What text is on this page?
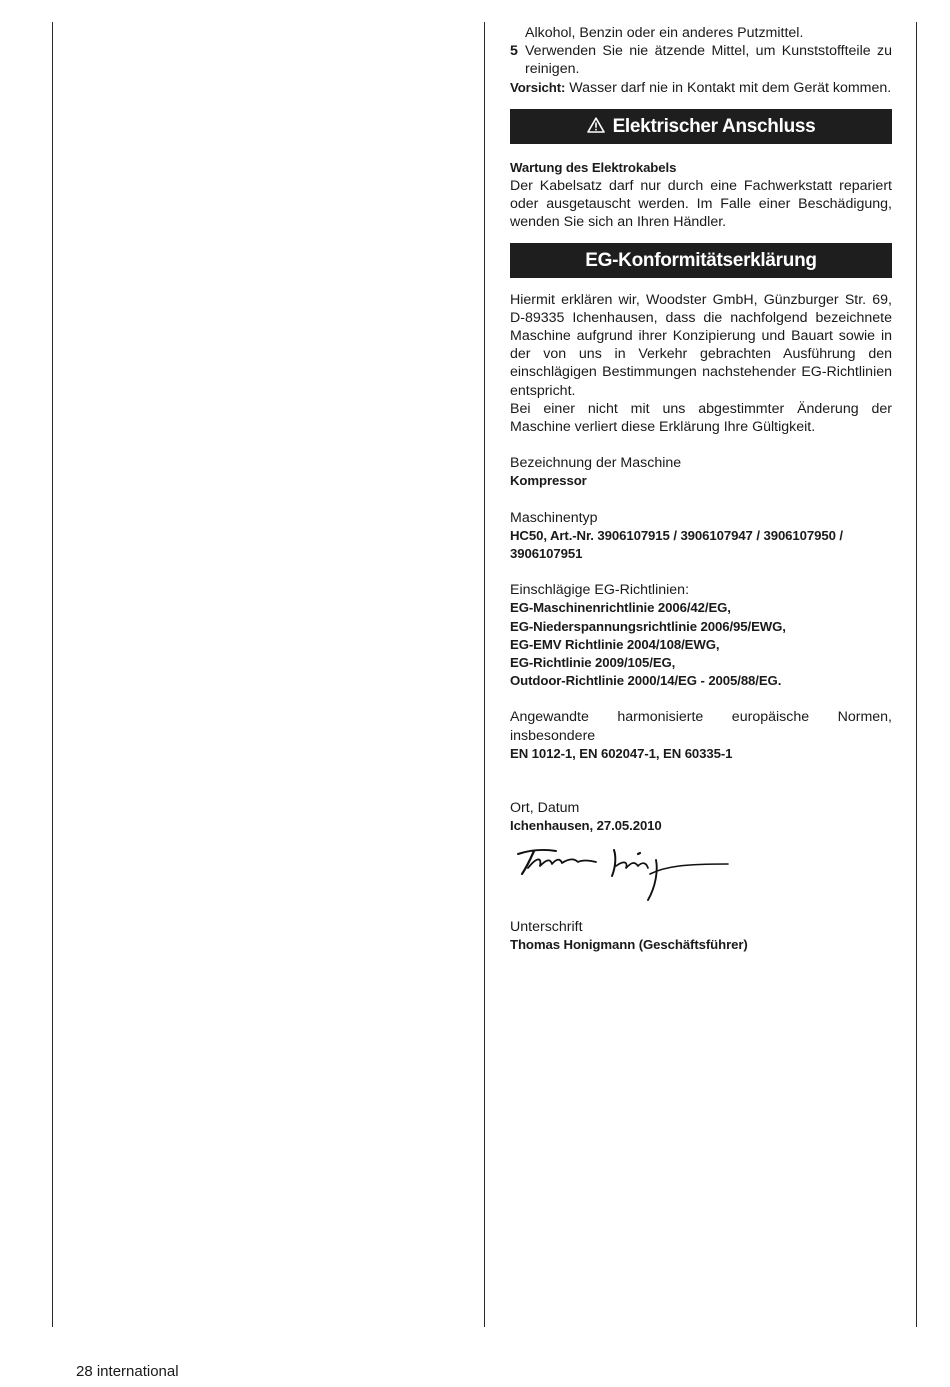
Alkohol, Benzin oder ein anderes Putzmittel.

5 Verwenden Sie nie ätzende Mittel, um Kunststoffteile zu reinigen.

Vorsicht: Wasser darf nie in Kontakt mit dem Gerät kommen.

Elektrischer Anschluss

Wartung des Elektrokabels

Der Kabelsatz darf nur durch eine Fachwerkstatt repariert oder ausgetauscht werden. Im Falle einer Beschädigung, wenden Sie sich an Ihren Händler.

EG-Konformitätserklärung

Hiermit erklären wir, Woodster GmbH, Günzburger Str. 69, D-89335 Ichenhausen, dass die nachfolgend bezeichnete Maschine aufgrund ihrer Konzipierung und Bauart sowie in der von uns in Verkehr gebrachten Ausführung den einschlägigen Bestimmungen nachstehender EG-Richtlinien entspricht.

Bei einer nicht mit uns abgestimmter Änderung der Maschine verliert diese Erklärung Ihre Gültigkeit.

Bezeichnung der Maschine

Kompressor

Maschinentyp

HC50, Art.-Nr. 3906107915 / 3906107947 / 3906107950 / 3906107951

Einschlägige EG-Richtlinien:

EG-Maschinenrichtlinie 2006/42/EG,

EG-Niederspannungsrichtlinie 2006/95/EWG,

EG-EMV Richtlinie 2004/108/EWG,

EG-Richtlinie 2009/105/EG,

Outdoor-Richtlinie 2000/14/EG - 2005/88/EG.

Angewandte harmonisierte europäische Normen, insbesondere

EN 1012-1, EN 602047-1, EN 60335-1

Ort, Datum

Ichenhausen, 27.05.2010

Unterschrift

Thomas Honigmann (Geschäftsführer)

28 international
